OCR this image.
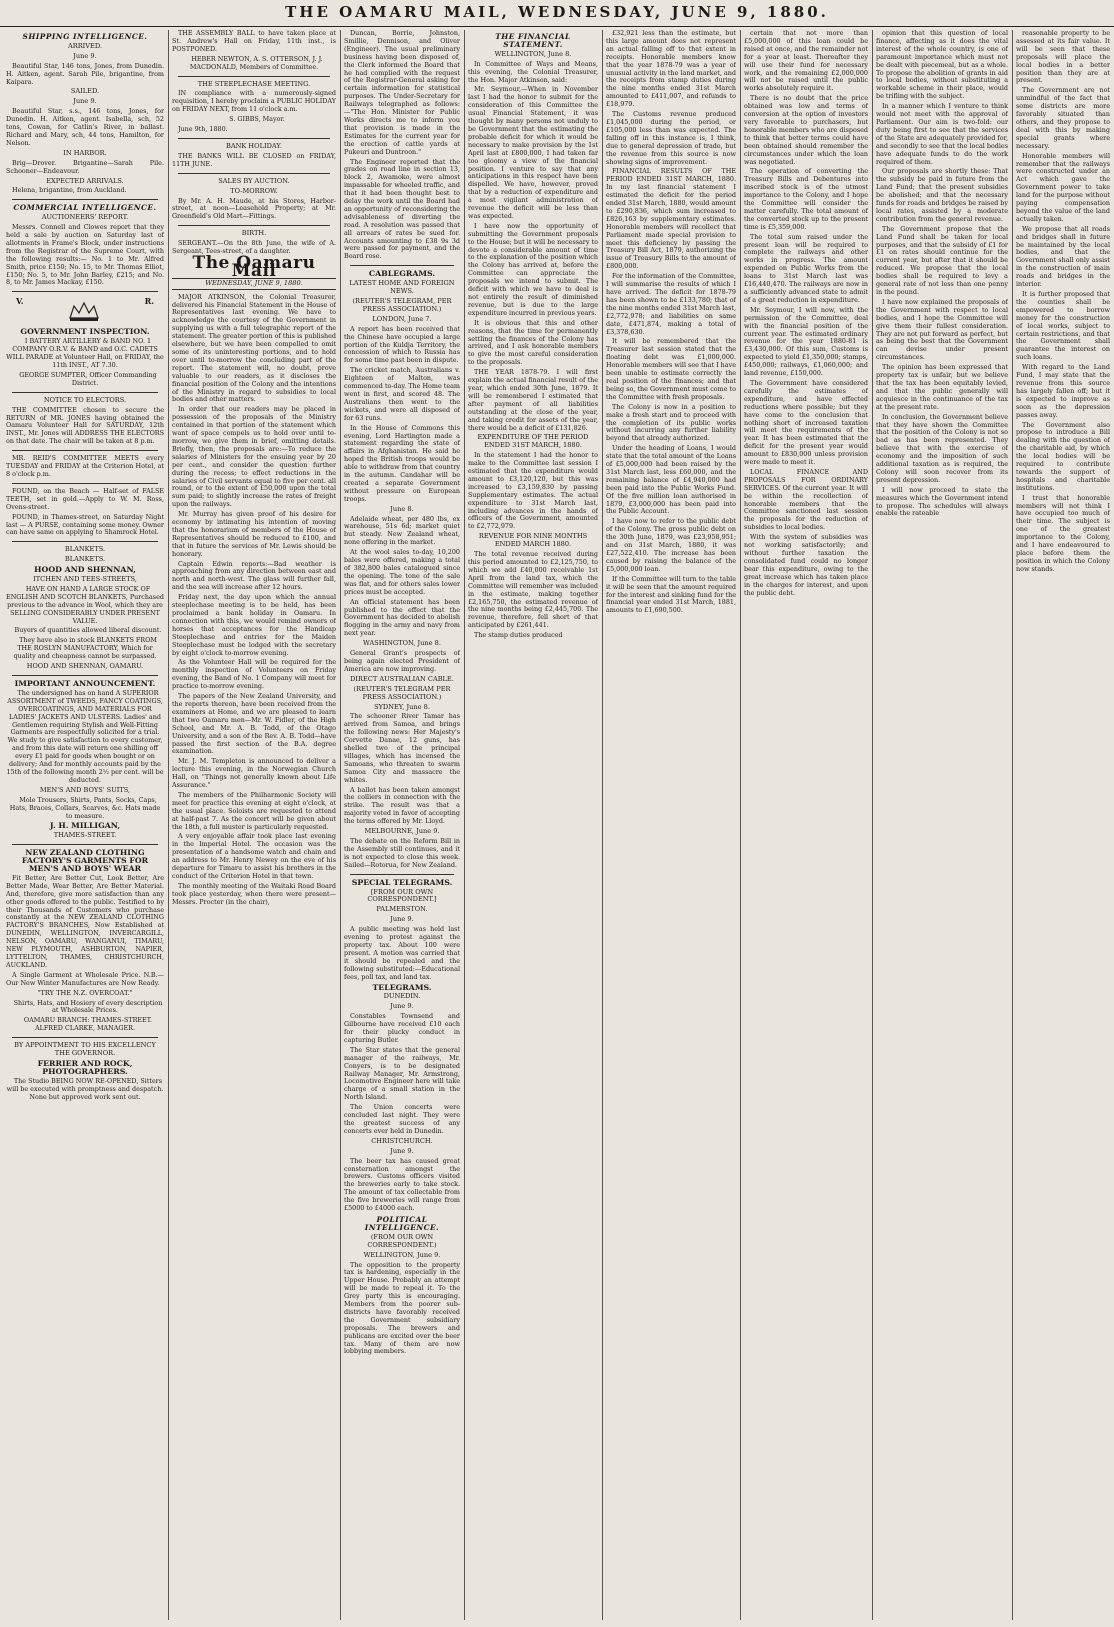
THE OAMARU MAIL, WEDNESDAY, JUNE 9, 1880.
SHIPPING INTELLIGENCE.
ARRIVED.
June 9.

Beautiful Star, 146 tons, Jones, from Dunedin. H. Aitken, agent. Sarah Pile, brigantine, from Kaipara.

SAILED.
June 9.

Beautiful Star, s.s., 146 tons, Jones, for Dunedin. H. Aitken, agent. Isabella, sch, 52 tons, Cowan, for Catlin's River, in ballast. Richard and Mary, sch, 44 tons, Hamilton, for Nelson.

IN HARBOR.

Brig—Drover. Brigantine—Sarah Pile. Schooner—Endeavour.

EXPECTED ARRIVALS.

Helena, brigantine, from Auckland.

COMMERCIAL INTELLIGENCE.
AUCTIONEERS' REPORT.

Messrs. Connell and Clowes report that they held a sale by auction on Saturday last of allotments in Frame's Block, under instructions from the Registrar of the Supreme Court, with the following results:— No. 1 to Mr. Alfred Smith, price £150; No. 15, to Mr. Thomas Elliot, £150; No. 5, to Mr. John Barley, £215; and No. 8, to Mr. James Mackay, £150.

V.	R.
GOVERNMENT INSPECTION.

I BATTERY ARTILLERY & BAND NO. 1 COMPANY O.R.V. & BAND and O.C. CADETS WILL PARADE at Volunteer Hall, on FRIDAY, the 11th INST., AT 7.30.

GEORGE SUMPTER, Officer Commanding District.

NOTICE TO ELECTORS.

THE COMMITTEE chosen to secure the RETURN of MR. JONES having obtained the Oamaru Volunteer Hall for SATURDAY, 12th INST., Mr. Jones will ADDRESS THE ELECTORS on that date. The chair will be taken at 8 p.m.

MR. REID'S COMMITTEE MEETS every TUESDAY and FRIDAY at the Criterion Hotel, at 8 o'clock p.m.

FOUND, on the Beach — Half-set of FALSE TEETH, set in gold.—Apply to W. M. Ross, Ovens-street.

FOUND, in Thames-street, on Saturday Night last — A PURSE, containing some money. Owner can have same on applying to Shamrock Hotel.

BLANKETS.
BLANKETS.
HOOD AND SHENNAN,
ITCHEN AND TEES-STREETS,

HAVE ON HAND A LARGE STOCK OF ENGLISH AND SCOTCH BLANKETS, Purchased previous to the advance in Wool, which they are SELLING CONSIDERABLY UNDER PRESENT VALUE.

Buyers of quantities allowed liberal discount.

They have also in stock BLANKETS FROM THE ROSLYN MANUFACTORY, Which for quality and cheapness cannot be surpassed.

HOOD AND SHENNAN, OAMARU.
IMPORTANT ANNOUNCEMENT.

The undersigned has on hand A SUPERIOR ASSORTMENT of TWEEDS, FANCY COATINGS, OVERCOATINGS, AND MATERIALS FOR LADIES' JACKETS AND ULSTERS. Ladies' and Gentlemen requiring Stylish and Well-Fitting Garments are respectfully solicited for a trial. We study to give satisfaction to every customer, and from this date will return one shilling off every £1 paid for goods when bought or on delivery; And for monthly accounts paid by the 15th of the following month 2½ per cent. will be deducted.

MEN'S AND BOYS' SUITS,

Mole Trousers, Shirts, Pants, Socks, Caps, Hats, Braces, Collars, Scarves, &c. Hats made to measure.

J. H. MILLIGAN,
THAMES-STREET.
NEW ZEALAND CLOTHING FACTORY'S GARMENTS FOR MEN'S AND BOYS' WEAR

Fit Better, Are Better Cut, Look Better, Are Better Made, Wear Better, Are Better Material. And, therefore, give more satisfaction than any other goods offered to the public. Testified to by their Thousands of Customers who purchase constantly at the NEW ZEALAND CLOTHING FACTORY'S BRANCHES, Now Established at DUNEDIN, WELLINGTON, INVERCARGILL, NELSON, OAMARU, WANGANUI, TIMARU, NEW PLYMOUTH, ASHBURTON, NAPIER, LYTTELTON, THAMES, CHRISTCHURCH, AUCKLAND.

A Single Garment at Wholesale Price. N.B.—Our New Winter Manufactures are Now Ready.

"TRY THE N.Z. OVERCOAT."

Shirts, Hats, and Hosiery of every description at Wholesale Prices.

OAMARU BRANCH: THAMES-STREET. ALFRED CLARKE, MANAGER.

BY APPOINTMENT TO HIS EXCELLENCY THE GOVERNOR.
FERRIER AND ROCK, PHOTOGRAPHERS.

The Studio BEING NOW RE-OPENED, Sitters will be executed with promptness and despatch. None but approved work sent out.

THE ASSEMBLY BALL to have taken place at St. Andrew's Hall on Friday, 11th inst., is POSTPONED.

HEBER NEWTON, A. S. OTTERSON, J. J. MACDONALD, Members of Committee.

THE STEEPLECHASE MEETING.

IN compliance with a numerously-signed requisition, I hereby proclaim a PUBLIC HOLIDAY on FRIDAY NEXT, from 11 o'clock a.m.

S. GIBBS, Mayor.

June 9th, 1880.

BANK HOLIDAY.

THE BANKS WILL BE CLOSED on FRIDAY, 11TH JUNE.

SALES BY AUCTION.
TO-MORROW.

By Mr. A. H. Maude, at his Stores, Harbor-street, at noon—Leasehold Property; at Mr. Greenfield's Old Mart—Fittings.

BIRTH.

SERGEANT.—On the 8th June, the wife of A. Sergeant, Tees-street, of a daughter.

The Oamaru Mail
WEDNESDAY, JUNE 9, 1880.

MAJOR ATKINSON, the Colonial Treasurer, delivered his Financial Statement in the House of Representatives last evening. We have to acknowledge the courtesy of the Government in supplying us with a full telegraphic report of the statement. The greater portion of this is published elsewhere, but we have been compelled to omit some of its uninteresting portions, and to hold over until to-morrow the concluding part of the report. The statement will, no doubt, prove valuable to our readers, as it discloses the financial position of the Colony and the intentions of the Ministry in regard to subsidies to local bodies and other matters.

In order that our readers may be placed in possession of the proposals of the Ministry contained in that portion of the statement which want of space compels us to hold over until to-morrow, we give them in brief, omitting details. Briefly, then, the proposals are:—To reduce the salaries of Ministers for the ensuing year by 20 per cent., and consider the question further during the recess; to effect reductions in the salaries of Civil servants equal to five per cent. all round, or to the extent of £50,000 upon the total sum paid; to slightly increase the rates of freight upon the railways.

Mr. Murray has given proof of his desire for economy by intimating his intention of moving that the honorarium of members of the House of Representatives should be reduced to £100, and that in future the services of Mr. Lewis should be honorary.

Captain Edwin reports:—Bad weather is approaching from any direction between east and north and north-west. The glass will further fall, and the sea will increase after 12 hours.

Friday next, the day upon which the annual steeplechase meeting is to be held, has been proclaimed a bank holiday in Oamaru. In connection with this, we would remind owners of horses that acceptances for the Handicap Steeplechase and entries for the Maiden Steeplechase must be lodged with the secretary by eight o'clock to-morrow evening.

As the Volunteer Hall will be required for the monthly inspection of Volunteers on Friday evening, the Band of No. 1 Company will meet for practice to-morrow evening.

The papers of the New Zealand University, and the reports thereon, have been received from the examiners at Home, and we are pleased to learn that two Oamaru men—Mr. W. Fidler, of the High School, and Mr. A. B. Todd, of the Otago University, and a son of the Rev. A. B. Todd—have passed the first section of the B.A. degree examination.

Mr. J. M. Templeton is announced to deliver a lecture this evening, in the Norwegian Church Hall, on "Things not generally known about Life Assurance."

The members of the Philharmonic Society will meet for practice this evening at eight o'clock, at the usual place. Soloists are requested to attend at half-past 7. As the concert will be given about the 18th, a full muster is particularly requested.

A very enjoyable affair took place last evening in the Imperial Hotel. The occasion was the presentation of a handsome watch and chain and an address to Mr. Henry Newey on the eve of his departure for Timaru to assist his brothers in the conduct of the Criterion Hotel in that town.

The monthly meeting of the Waitaki Road Board took place yesterday, when there were present—Messrs. Procter (in the chair),

Duncan, Borrie, Johnston, Smillie, Dennison, and Oliver (Engineer). The usual preliminary business having been disposed of, the Clerk informed the Board that he had complied with the request of the Registrar-General asking for certain information for statistical purposes. The Under-Secretary for Railways telegraphed as follows:—"The Hon. Minister for Public Works directs me to inform you that provision is made in the Estimates for the current year for the erection of cattle yards at Pukeuri and Duntroon."

The Engineer reported that the grades on road line in section 13, block 2, Awamoko, were almost impassable for wheeled traffic, and that it had been thought best to delay the work until the Board had an opportunity of reconsidering the advisableness of diverting the road. A resolution was passed that all arrears of rates be sued for. Accounts amounting to £38 9s 3d were passed for payment, and the Board rose.

CABLEGRAMS.
LATEST HOME AND FOREIGN NEWS.
(REUTER'S TELEGRAM, PER PRESS ASSOCIATION.)
LONDON, June 7.

A report has been received that the Chinese have occupied a large portion of the Kuldja Territory, the concession of which to Russia has for some time past been in dispute.

The cricket match, Australians v. Eighteen of Malton, was commenced to-day. The Home team went in first, and scored 48. The Australians then went to the wickets, and were all disposed of for 63 runs.

In the House of Commons this evening, Lord Hartington made a statement regarding the state of affairs in Afghanistan. He said he hoped the British troops would be able to withdraw from that country in the autumn. Candahar will be created a separate Government without pressure on European troops.

June 8.

Adelaide wheat, per 480 lbs, ex warehouse, 51s 6d; market quiet but steady. New Zealand wheat, none offering in the market.

At the wool sales to-day, 10,200 bales were offered, making a total of 382,800 bales catalogued since the opening. The tone of the sale was flat, and for others sales lower prices must be accepted.

An official statement has been published to the effect that the Government has decided to abolish flogging in the army and navy from next year.

WASHINGTON, June 8.

General Grant's prospects of being again elected President of America are now improving.

DIRECT AUSTRALIAN CABLE.
(REUTER'S TELEGRAM PER PRESS ASSOCIATION.)
SYDNEY, June 8.

The schooner River Tamar has arrived from Samoa, and brings the following news: Her Majesty's Corvette Danae, 12 guns, has shelled two of the principal villages, which has incensed the Samoans, who threaten to swarm Samoa City and massacre the whites.

A ballot has been taken amongst the colliers in connection with the strike. The result was that a majority voted in favor of accepting the terms offered by Mr. Lloyd.

MELBOURNE, June 9.

The debate on the Reform Bill in the Assembly still continues, and it is not expected to close this week. Sailed—Rotorua, for New Zealand.

SPECIAL TELEGRAMS.
[FROM OUR OWN CORRESPONDENT.]
PALMERSTON.
June 9.

A public meeting was held last evening to protest against the property tax. About 100 were present. A motion was carried that it should be repealed and the following substituted:—Educational fees, poll tax, and land tax.

TELEGRAMS.
DUNEDIN.
June 9.

Constables Townsend and Gilbourne have received £10 each for their plucky conduct in capturing Butler.

The Star states that the general manager of the railways, Mr. Conyers, is to be designated Railway Manager, Mr. Armstrong, Locomotive Engineer here will take charge of a small station in the North Island.

The Union concerts were concluded last night. They were the greatest success of any concerts ever held in Dunedin.

CHRISTCHURCH.
June 9.

The beer tax has caused great consternation amongst the brewers. Customs officers visited the breweries early to take stock. The amount of tax collectable from the five breweries will range from £5000 to £4000 each.

POLITICAL INTELLIGENCE.
(FROM OUR OWN CORRESPONDENT.)
WELLINGTON, June 9.

The opposition to the property tax is hardening, especially in the Upper House. Probably an attempt will be made to repeal it. To the Grey party this is encouraging. Members from the poorer sub-districts have favorably received the Government subsidiary proposals. The brewers and publicans are excited over the beer tax. Many of them are now lobbying members.

THE FINANCIAL STATEMENT.
WELLINGTON, June 8.

In Committee of Ways and Means, this evening, the Colonial Treasurer, the Hon. Major Atkinson, said:

Mr. Seymour,—When in November last I had the honor to submit for the consideration of this Committee the usual Financial Statement, it was thought by many persons not unduly to be Government that the estimating the probable deficit for which it would be necessary to make provision by the 1st April last at £800,000, I had taken far too gloomy a view of the financial position. I venture to say that any anticipations in this respect have been dispelled. We have, however, proved that by a reduction of expenditure and a most vigilant administration of revenue the deficit will be less than was expected.

I have now the opportunity of submitting the Government proposals to the House; but it will be necessary to devote a considerable amount of time to the explanation of the position which the Colony has arrived at, before the Committee can appreciate the proposals we intend to submit. The deficit with which we have to deal is not entirely the result of diminished revenue, but is due to the large expenditure incurred in previous years.

It is obvious that this and other reasons, that the time for permanently settling the finances of the Colony has arrived, and I ask honorable members to give the most careful consideration to the proposals.

THE YEAR 1878-79. I will first explain the actual financial result of the year, which ended 30th June, 1879. It will be remembered I estimated that after payment of all liabilities outstanding at the close of the year, and taking credit for assets of the year, there would be a deficit of £131,826.

EXPENDITURE OF THE PERIOD ENDED 31ST MARCH, 1880.

In the statement I had the honor to make to the Committee last session I estimated that the expenditure would amount to £3,120,120, but this was increased to £3,159,830 by passing Supplementary estimates. The actual expenditure to 31st March last, including advances in the hands of officers of the Government, amounted to £2,772,979.

REVENUE FOR NINE MONTHS ENDED MARCH 1880.

The total revenue received during this period amounted to £2,125,750, to which we add £40,000 receivable 1st April from the land tax, which the Committee will remember was included in the estimate, making together £2,165,750, the estimated revenue of the nine months being £2,445,700. The revenue, therefore, fell short of that anticipated by £261,441.

The stamp duties produced

£32,921 less than the estimate, but this large amount does not represent an actual falling off to that extent in receipts. Honorable members know that the year 1878-79 was a year of unusual activity in the land market, and the receipts from stamp duties during the nine months ended 31st March amounted to £411,007, and refunds to £18,979.

The Customs revenue produced £1,045,000 during the period, or £105,000 less than was expected. The falling off in this instance is, I think, due to general depression of trade, but the revenue from this source is now showing signs of improvement.

FINANCIAL RESULTS OF THE PERIOD ENDED 31ST MARCH, 1880. In my last financial statement I estimated the deficit for the period ended 31st March, 1880, would amount to £290,836, which sum increased to £826,163 by supplementary estimates. Honorable members will recollect that Parliament made special provision to meet this deficiency by passing the Treasury Bill Act, 1879, authorizing the issue of Treasury Bills to the amount of £800,000.

For the information of the Committee, I will summarise the results of which I have arrived. The deficit for 1878-79 has been shown to be £133,780; that of the nine months ended 31st March last, £2,772,978; and liabilities on same date, £471,874, making a total of £3,378,630.

It will be remembered that the Treasurer last session stated that the floating debt was £1,000,000. Honorable members will see that I have been unable to estimate correctly the real position of the finances; and that being so, the Government must come to the Committee with fresh proposals.

The Colony is now in a position to make a fresh start and to proceed with the completion of its public works without incurring any further liability beyond that already authorized.

Under the heading of Loans, I would state that the total amount of the Loans of £5,000,000 had been raised by the 31st March last, less £60,000, and the remaining balance of £4,940,000 had been paid into the Public Works Fund. Of the five million loan authorised in 1879, £3,000,000 has been paid into the Public Account.

I have now to refer to the public debt of the Colony. The gross public debt on the 30th June, 1879, was £23,958,951; and on 31st March, 1880, it was £27,522,410. The increase has been caused by raising the balance of the £5,000,000 loan.

If the Committee will turn to the table it will be seen that the amount required for the interest and sinking fund for the financial year ended 31st March, 1881, amounts to £1,690,500.

certain that not more than £5,000,000 of this loan could be raised at once, and the remainder not for a year at least. Thereafter they will use their fund for necessary work, and the remaining £2,000,000 will not be raised until the public works absolutely require it.

There is no doubt that the price obtained was low and terms of conversion at the option of investors very favorable to purchasers, but honorable members who are disposed to think that better terms could have been obtained should remember the circumstances under which the loan was negotiated.

The operation of converting the Treasury Bills and Debentures into inscribed stock is of the utmost importance to the Colony, and I hope the Committee will consider the matter carefully. The total amount of the converted stock up to the present time is £5,359,000.

The total sum raised under the present loan will be required to complete the railways and other works in progress. The amount expended on Public Works from the loans to 31st March last was £16,440,470. The railways are now in a sufficiently advanced state to admit of a great reduction in expenditure.

Mr. Seymour, I will now, with the permission of the Committee, deal with the financial position of the current year. The estimated ordinary revenue for the year 1880-81 is £3,430,000. Of this sum, Customs is expected to yield £1,350,000; stamps, £450,000; railways, £1,060,000; and land revenue, £150,000.

The Government have considered carefully the estimates of expenditure, and have effected reductions where possible; but they have come to the conclusion that nothing short of increased taxation will meet the requirements of the year. It has been estimated that the deficit for the present year would amount to £830,000 unless provision were made to meet it.

LOCAL FINANCE AND PROPOSALS FOR ORDINARY SERVICES. Of the current year. It will be within the recollection of honorable members that the Committee sanctioned last session the proposals for the reduction of subsidies to local bodies.

With the system of subsidies was not working satisfactorily; and without further taxation the consolidated fund could no longer bear this expenditure, owing to the great increase which has taken place in the charges for interest, and upon the public debt.

opinion that this question of local finance, affecting as it does the vital interest of the whole country, is one of paramount importance which must not be dealt with piecemeal, but as a whole. To propose the abolition of grants in aid to local bodies, without substituting a workable scheme in their place, would be trifling with the subject.

In a manner which I venture to think would not meet with the approval of Parliament. Our aim is two-fold: our duty being first to see that the services of the State are adequately provided for, and secondly to see that the local bodies have adequate funds to do the work required of them.

Our proposals are shortly these: That the subsidy be paid in future from the Land Fund; that the present subsidies be abolished; and that the necessary funds for roads and bridges be raised by local rates, assisted by a moderate contribution from the general revenue.

The Government propose that the Land Fund shall be taken for local purposes, and that the subsidy of £1 for £1 on rates should continue for the current year, but after that it should be reduced. We propose that the local bodies shall be required to levy a general rate of not less than one penny in the pound.

I have now explained the proposals of the Government with respect to local bodies, and I hope the Committee will give them their fullest consideration. They are not put forward as perfect, but as being the best that the Government can devise under present circumstances.

The opinion has been expressed that property tax is unfair, but we believe that the tax has been equitably levied, and that the public generally will acquiesce in the continuance of the tax at the present rate.

In conclusion, the Government believe that they have shown the Committee that the position of the Colony is not so bad as has been represented. They believe that with the exercise of economy and the imposition of such additional taxation as is required, the Colony will soon recover from its present depression.

I will now proceed to state the measures which the Government intend to propose. The schedules will always enable the rateable

reasonable property to be assessed at its fair value. It will be seen that these proposals will place the local bodies in a better position than they are at present.

The Government are not unmindful of the fact that some districts are more favorably situated than others, and they propose to deal with this by making special grants where necessary.

Honorable members will remember that the railways were constructed under an Act which gave the Government power to take land for the purpose without paying compensation beyond the value of the land actually taken.

We propose that all roads and bridges shall in future be maintained by the local bodies, and that the Government shall only assist in the construction of main roads and bridges in the interior.

It is further proposed that the counties shall be empowered to borrow money for the construction of local works, subject to certain restrictions, and that the Government shall guarantee the interest on such loans.

With regard to the Land Fund, I may state that the revenue from this source has largely fallen off; but it is expected to improve as soon as the depression passes away.

The Government also propose to introduce a Bill dealing with the question of the charitable aid, by which the local bodies will be required to contribute towards the support of hospitals and charitable institutions.

I trust that honorable members will not think I have occupied too much of their time. The subject is one of the greatest importance to the Colony, and I have endeavoured to place before them the position in which the Colony now stands.
